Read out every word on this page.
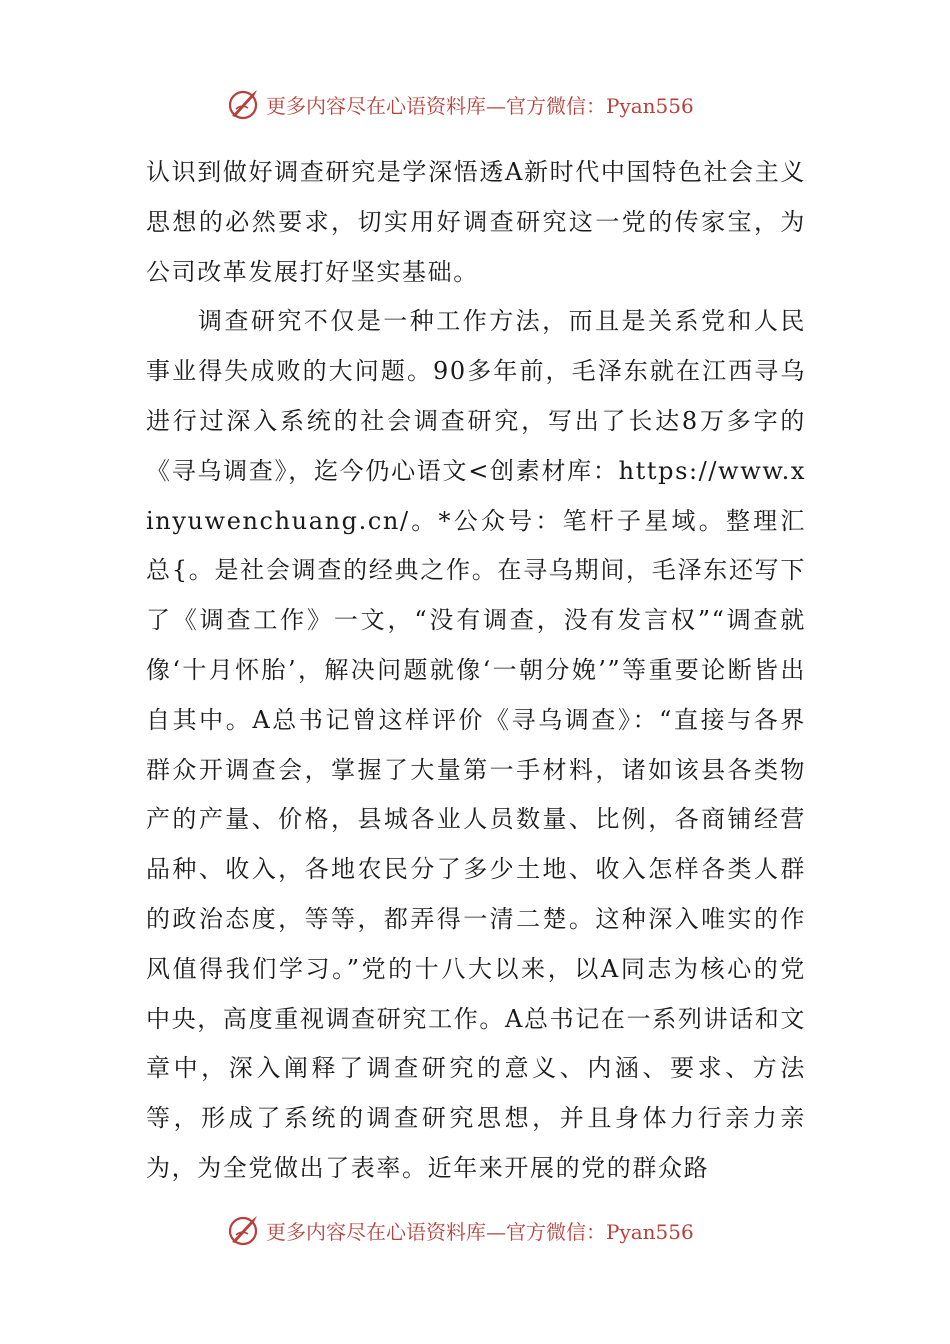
更多内容尽在心语资料库—官方微信：Pyan556

认识到做好调查研究是学深悟透A新时代中国特色社会主义思想的必然要求，切实用好调查研究这一党的传家宝，为公司改革发展打好坚实基础。

调查研究不仅是一种工作方法，而且是关系党和人民事业得失成败的大问题。90多年前，毛泽东就在江西寻乌进行过深入系统的社会调查研究，写出了长达8万多字的《寻乌调查》，迄今仍心语文<创素材库：https://www.xinyuwenchuang.cn/。*公众号：笔杆子星域。整理汇总{。是社会调查的经典之作。在寻乌期间，毛泽东还写下了《调查工作》一文，“没有调查，没有发言权”“调查就像‘十月怀胎’，解决问题就像‘一朝分娩’”等重要论断皆出自其中。A总书记曾这样评价《寻乌调查》：“直接与各界群众开调查会，掌握了大量第一手材料，诸如该县各类物产的产量、价格，县城各业人员数量、比例，各商铺经营品种、收入，各地农民分了多少土地、收入怎样各类人群的政治态度，等等，都弄得一清二楚。这种深入唯实的作风值得我们学习。”党的十八大以来，以A同志为核心的党中央，高度重视调查研究工作。A总书记在一系列讲话和文章中，深入阐释了调查研究的意义、内涵、要求、方法等，形成了系统的调查研究思想，并且身体力行亲力亲为，为全党做出了表率。近年来开展的党的群众路

更多内容尽在心语资料库—官方微信：Pyan556
